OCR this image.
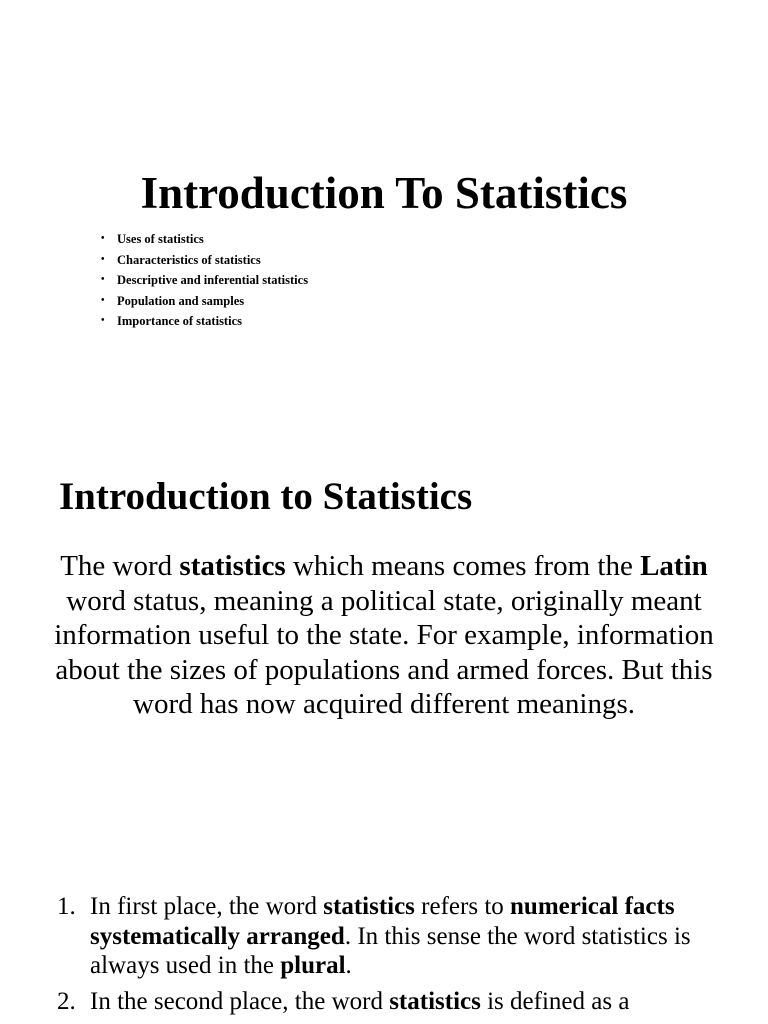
Introduction To Statistics
• Uses of statistics
• Characteristics of statistics
• Descriptive and inferential statistics
• Population and samples
• Importance of statistics
Introduction to Statistics
The word statistics which means comes from the Latin word status, meaning a political state, originally meant information useful to the state. For example, information about the sizes of populations and armed forces. But this word has now acquired different meanings.
1. In first place, the word statistics refers to numerical facts systematically arranged. In this sense the word statistics is always used in the plural.
2. In the second place, the word statistics is defined as a
